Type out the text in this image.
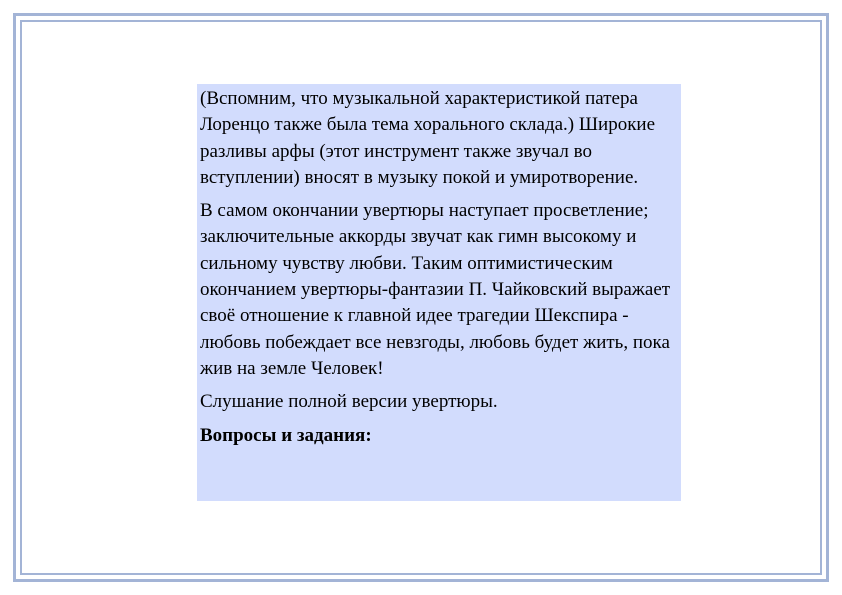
(Вспомним, что музыкальной характеристикой патера Лоренцо также была тема хорального склада.) Широкие разливы арфы (этот инструмент также звучал во вступлении) вносят в музыку покой и умиротворение.

В самом окончании увертюры наступает просветление; заключительные аккорды звучат как гимн высокому и сильному чувству любви. Таким оптимистическим окончанием увертюры-фантазии П. Чайковский выражает своё отношение к главной идее трагедии Шекспира - любовь побеждает все невзгоды, любовь будет жить, пока жив на земле Человек!

Слушание полной версии увертюры.

Вопросы и задания:
